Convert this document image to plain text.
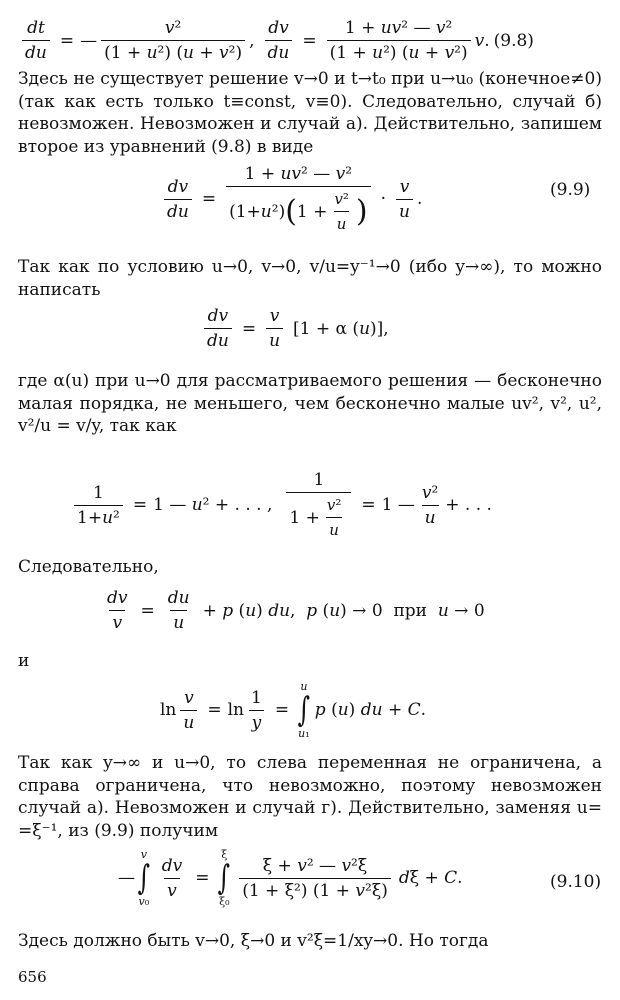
$\frac{dt}{du}$ = — $\frac{\text{v²}}{\text{(1 + u²) (u + v²)}}$ , $\frac{dv}{du} = \frac{\text{1 + uv² — v²}}{\text{(1 + u²) (u + v²)}} v$. (9.8)
Здесь не существует решение v→0 и t→t₀ при u→u₀ (конечное≠0) (так как есть только t≡const, v≡0). Следовательно, случай б) невозможен. Невозможен и случай а). Действительно, запишем второе из уравнений (9.8) в виде
$\frac{dv}{du} = \frac{\text{1 + uv² — v²}}{(1+ u ^2) ( 1 + \frac{\text{v²}}{u} )} \cdot \frac{v}{u}$ .	(9.9)
Так как по условию u→0, v→0, v/u=y⁻¹→0 (ибо y→∞), то можно написать
$\frac{dv}{du} = \frac{v}{u} [1 + \alpha$ (u)],
где α(u) при u→0 для рассматриваемого решения — бесконечно малая порядка, не меньшего, чем бесконечно малые uv², v², u², v²/u = v/y, так как
$\frac{1}{\text{1+u²}} = 1$ — u² + . . . , $\frac{1}{1 + \frac{\text{v²}}{u}} = 1$ — $\frac{\text{v²}}{u}$ + . . .
Следовательно,
$\frac{dv}{v} = \frac{du}{u} + p$ (u) du,  p (u) → 0  при  u → 0
и
$\ln \frac{v}{u} = \ln \frac{1}{y}$ =
u
∫
u₁
p (u) du + C.
Так как y→∞ и u→0, то слева переменная не ограничена, а справа ограничена, что невозможно, поэтому невозможен случай а). Невозможен и случай г). Действительно, заменяя u= =ξ⁻¹, из (9.9) получим
—
v
∫
v₀
$\frac{dv}{v}$ =
ξ
∫
ξ₀
$\frac{\text{ξ + v² — v²ξ}}{\text{(1 + ξ²) (1 + v²ξ)}}$ dξ + C.	(9.10)
Здесь должно быть v→0, ξ→0 и v²ξ=1/xy→0. Но тогда
656
